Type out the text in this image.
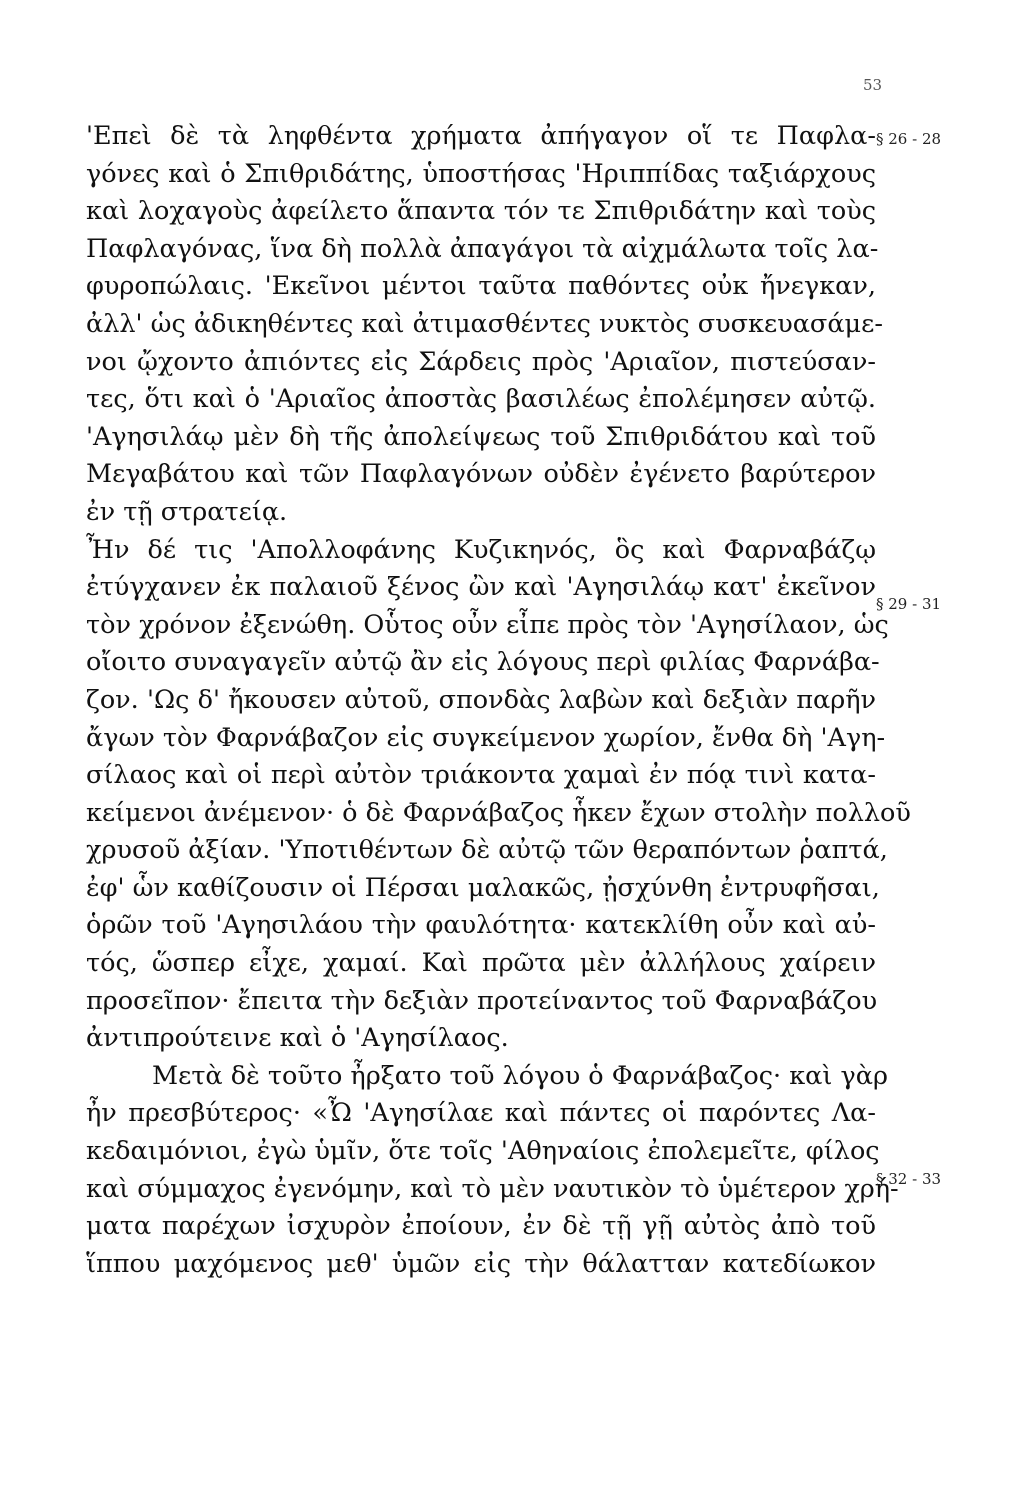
53
'Επεὶ δὲ τὰ ληφθέντα χρήματα ἀπήγαγον οἵ τε Παφλα-
γόνες καὶ ὁ Σπιθριδάτης, ὑποστήσας 'Ηριππίδας ταξιάρχους
καὶ λοχαγοὺς ἀφείλετο ἅπαντα τόν τε Σπιθριδάτην καὶ τοὺς
Παφλαγόνας, ἵνα δὴ πολλὰ ἀπαγάγοι τὰ αἰχμάλωτα τοῖς λα-
φυροπώλαις. 'Εκεῖνοι μέντοι ταῦτα παθόντες οὐκ ἤνεγκαν,
ἀλλ' ὡς ἀδικηθέντες καὶ ἀτιμασθέντες νυκτὸς συσκευασάμε-
νοι ᾤχοντο ἀπιόντες εἰς Σάρδεις πρὸς 'Αριαῖον, πιστεύσαν-
τες, ὅτι καὶ ὁ 'Αριαῖος ἀποστὰς βασιλέως ἐπολέμησεν αὐτῷ.
'Αγησιλάῳ μὲν δὴ τῆς ἀπολείψεως τοῦ Σπιθριδάτου καὶ τοῦ
Μεγαβάτου καὶ τῶν Παφλαγόνων οὐδὲν ἐγένετο βαρύτερον
ἐν τῇ στρατείᾳ.
Ἦν δέ τις 'Απολλοφάνης Κυζικηνός, ὃς καὶ Φαρναβάζῳ
ἐτύγχανεν ἐκ παλαιοῦ ξένος ὢν καὶ 'Αγησιλάῳ κατ' ἐκεῖνον
τὸν χρόνον ἐξενώθη. Οὗτος οὖν εἶπε πρὸς τὸν 'Αγησίλαον, ὡς
οἴοιτο συναγαγεῖν αὐτῷ ἂν εἰς λόγους περὶ φιλίας Φαρνάβα-
ζον. 'Ως δ' ἤκουσεν αὐτοῦ, σπονδὰς λαβὼν καὶ δεξιὰν παρῆν
ἄγων τὸν Φαρνάβαζον εἰς συγκείμενον χωρίον, ἔνθα δὴ 'Αγη-
σίλαος καὶ οἱ περὶ αὐτὸν τριάκοντα χαμαὶ ἐν πόᾳ τινὶ κατα-
κείμενοι ἀνέμενον· ὁ δὲ Φαρνάβαζος ἧκεν ἔχων στολὴν πολλοῦ
χρυσοῦ ἀξίαν. 'Υποτιθέντων δὲ αὐτῷ τῶν θεραπόντων ῥαπτά,
ἐφ' ὧν καθίζουσιν οἱ Πέρσαι μαλακῶς, ᾐσχύνθη ἐντρυφῆσαι,
ὁρῶν τοῦ 'Αγησιλάου τὴν φαυλότητα· κατεκλίθη οὖν καὶ αὐ-
τός, ὥσπερ εἶχε, χαμαί. Καὶ πρῶτα μὲν ἀλλήλους χαίρειν
προσεῖπον· ἔπειτα τὴν δεξιὰν προτείναντος τοῦ Φαρναβάζου
ἀντιπρούτεινε καὶ ὁ 'Αγησίλαος.
Μετὰ δὲ τοῦτο ἦρξατο τοῦ λόγου ὁ Φαρνάβαζος· καὶ γὰρ
ἦν πρεσβύτερος· «Ὦ 'Αγησίλαε καὶ πάντες οἱ παρόντες Λα-
κεδαιμόνιοι, ἐγὼ ὑμῖν, ὅτε τοῖς 'Αθηναίοις ἐπολεμεῖτε, φίλος
καὶ σύμμαχος ἐγενόμην, καὶ τὸ μὲν ναυτικὸν τὸ ὑμέτερον χρή-
ματα παρέχων ἰσχυρὸν ἐποίουν, ἐν δὲ τῇ γῇ αὐτὸς ἀπὸ τοῦ
ἵππου μαχόμενος μεθ' ὑμῶν εἰς τὴν θάλατταν κατεδίωκον
§ 26 - 28
§ 29 - 31
§ 32 - 33
